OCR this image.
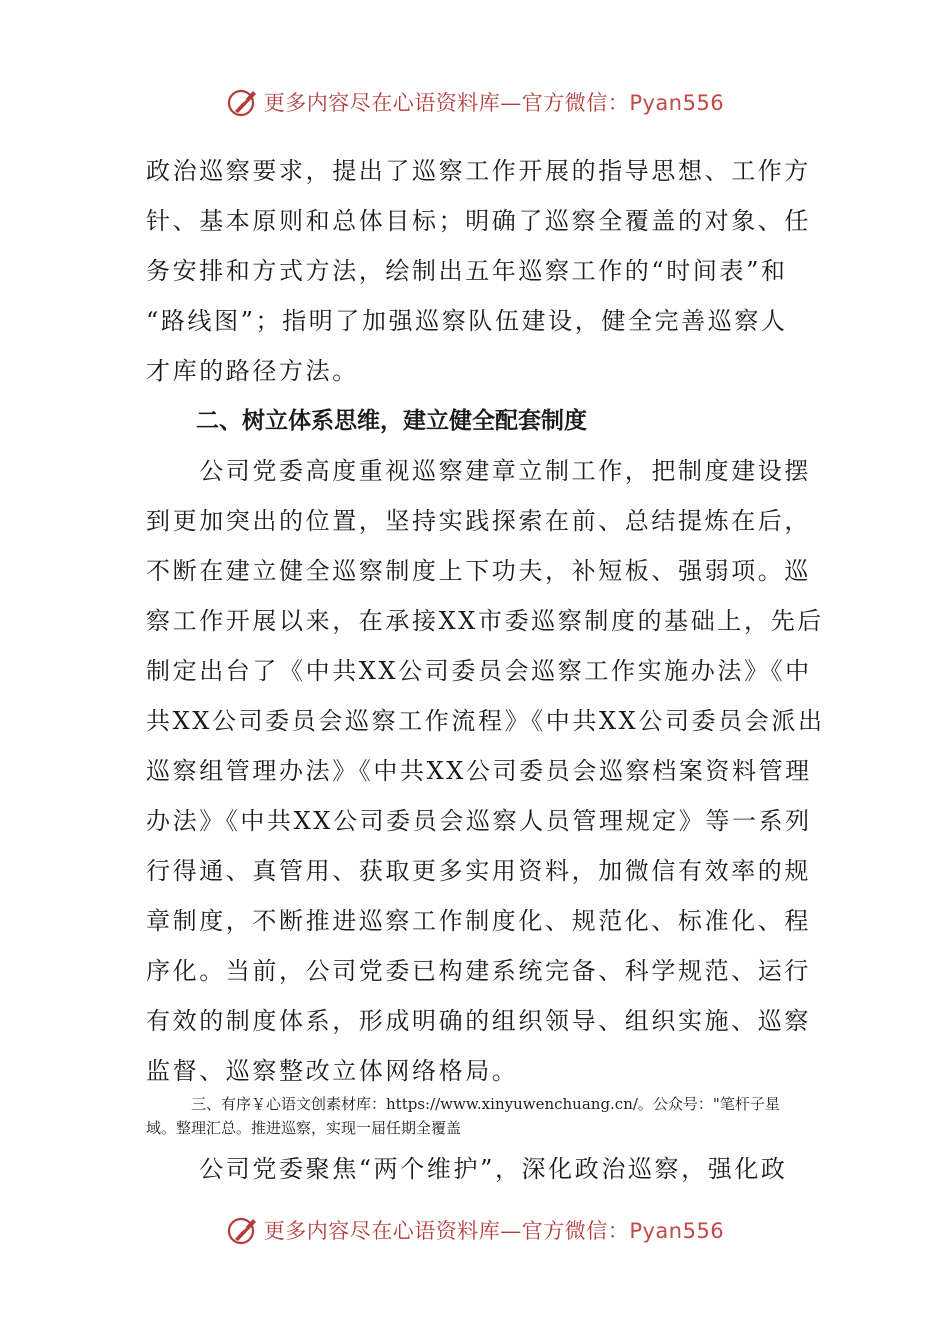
更多内容尽在心语资料库—官方微信：Pyan556
政治巡察要求，提出了巡察工作开展的指导思想、工作方
针、基本原则和总体目标；明确了巡察全覆盖的对象、任
务安排和方式方法，绘制出五年巡察工作的“时间表”和
“路线图”；指明了加强巡察队伍建设，健全完善巡察人
才库的路径方法。
二、树立体系思维，建立健全配套制度
　　公司党委高度重视巡察建章立制工作，把制度建设摆
到更加突出的位置，坚持实践探索在前、总结提炼在后，
不断在建立健全巡察制度上下功夫，补短板、强弱项。巡
察工作开展以来，在承接XX市委巡察制度的基础上，先后
制定出台了《中共XX公司委员会巡察工作实施办法》《中
共XX公司委员会巡察工作流程》《中共XX公司委员会派出
巡察组管理办法》《中共XX公司委员会巡察档案资料管理
办法》《中共XX公司委员会巡察人员管理规定》等一系列
行得通、真管用、获取更多实用资料，加微信有效率的规
章制度，不断推进巡察工作制度化、规范化、标准化、程
序化。当前，公司党委已构建系统完备、科学规范、运行
有效的制度体系，形成明确的组织领导、组织实施、巡察
监督、巡察整改立体网络格局。
　　　三、有序￥心语文创素材库：https://www.xinyuwenchuang.cn/。公众号："笔杆子星
域。整理汇总。推进巡察，实现一届任期全覆盖
　　公司党委聚焦“两个维护”，深化政治巡察，强化政
更多内容尽在心语资料库—官方微信：Pyan556
